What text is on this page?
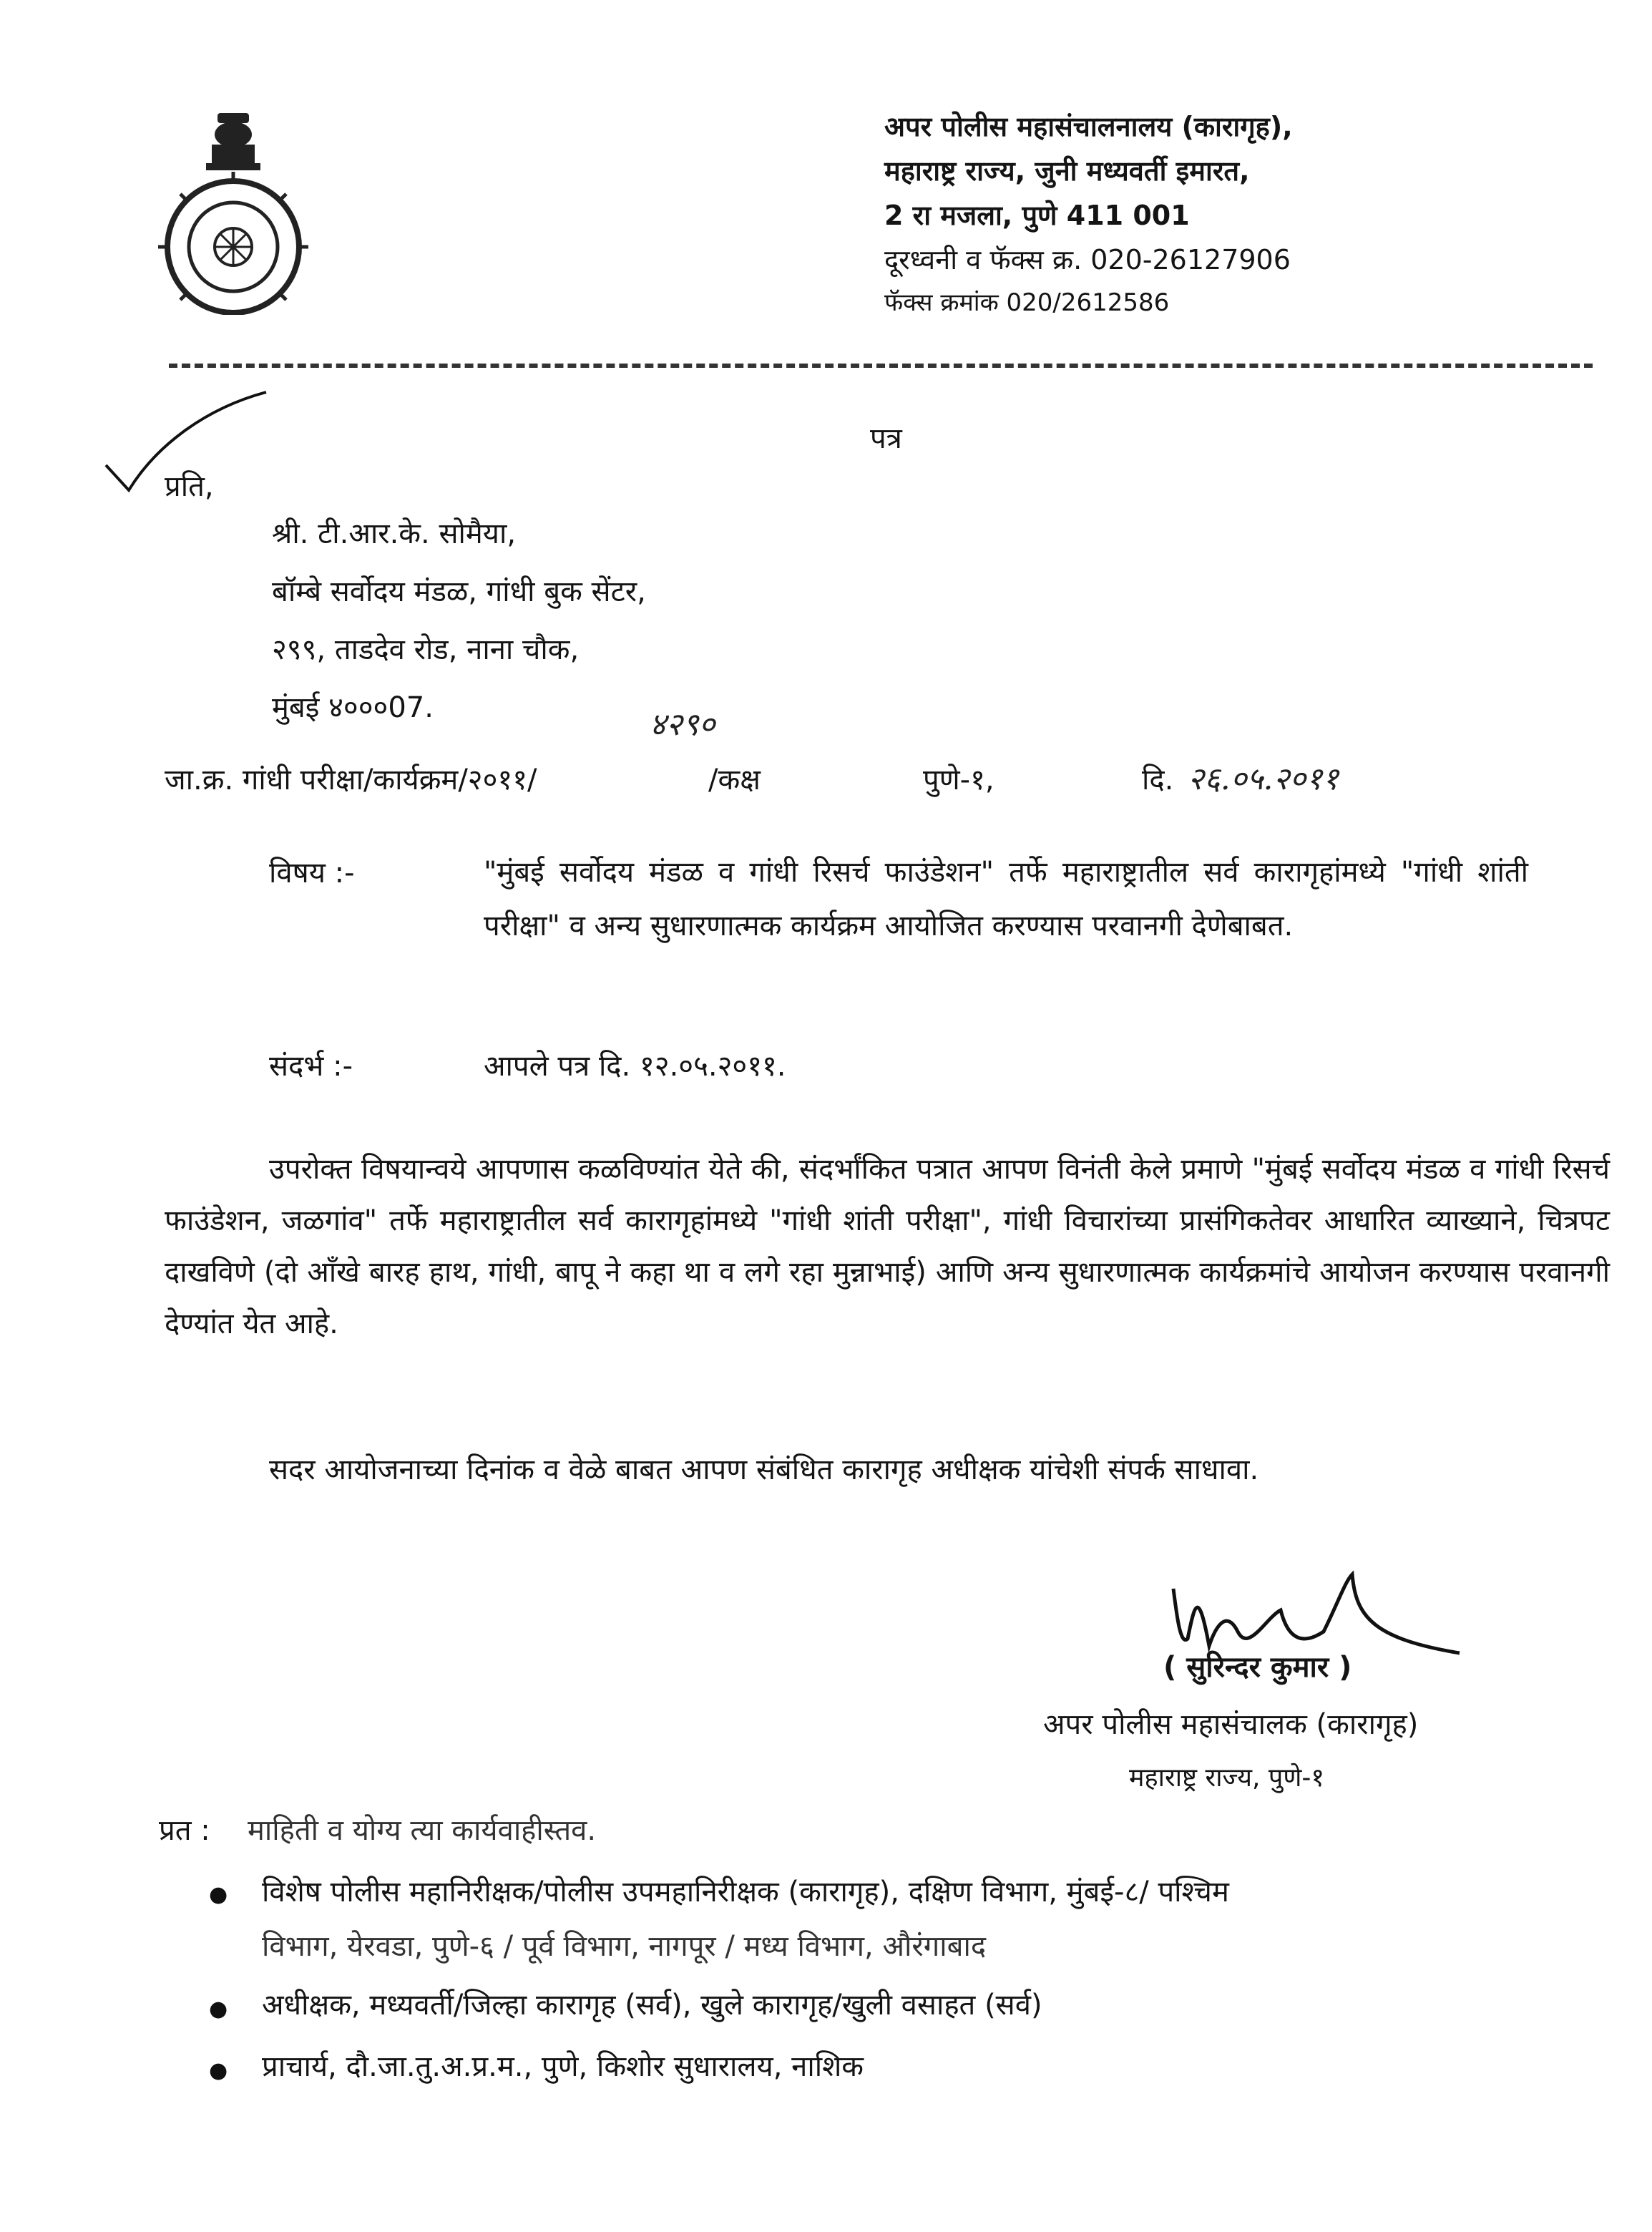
अपर पोलीस महासंचालनालय (कारागृह),
महाराष्ट्र राज्य, जुनी मध्यवर्ती इमारत,
2 रा मजला, पुणे 411 001
दूरध्वनी व फॅक्स क्र. 020-26127906
फॅक्स क्रमांक 020/2612586
पत्र
प्रति,
श्री. टी.आर.के. सोमैया,
बॉम्बे सर्वोदय मंडळ, गांधी बुक सेंटर,
२९९, ताडदेव रोड, नाना चौक,
मुंबई ४०००07.	४२९०
जा.क्र. गांधी परीक्षा/कार्यक्रम/२०११/	/कक्ष	पुणे-१,	दि. २६.०५.२०११
विषय :-	"मुंबई सर्वोदय मंडळ व गांधी रिसर्च फाउंडेशन" तर्फे महाराष्ट्रातील सर्व कारागृहांमध्ये "गांधी शांती परीक्षा" व अन्य सुधारणात्मक कार्यक्रम आयोजित करण्यास परवानगी देणेबाबत.
संदर्भ :-	आपले पत्र दि. १२.०५.२०११.
उपरोक्त विषयान्वये आपणास कळविण्यांत येते की, संदर्भांकित पत्रात आपण विनंती केले प्रमाणे "मुंबई सर्वोदय मंडळ व गांधी रिसर्च फाउंडेशन, जळगांव" तर्फे महाराष्ट्रातील सर्व कारागृहांमध्ये "गांधी शांती परीक्षा", गांधी विचारांच्या प्रासंगिकतेवर आधारित व्याख्याने, चित्रपट दाखविणे (दो आँखे बारह हाथ, गांधी, बापू ने कहा था व लगे रहा मुन्नाभाई) आणि अन्य सुधारणात्मक कार्यक्रमांचे आयोजन करण्यास परवानगी देण्यांत येत आहे.
सदर आयोजनाच्या दिनांक व वेळे बाबत आपण संबंधित कारागृह अधीक्षक यांचेशी संपर्क साधावा.
( सुरिन्दर कुमार )
अपर पोलीस महासंचालक (कारागृह)
महाराष्ट्र राज्य, पुणे-१
प्रत : माहिती व योग्य त्या कार्यवाहीस्तव.
● विशेष पोलीस महानिरीक्षक/पोलीस उपमहानिरीक्षक (कारागृह), दक्षिण विभाग, मुंबई-८/ पश्चिम
विभाग, येरवडा, पुणे-६ / पूर्व विभाग, नागपूर / मध्य विभाग, औरंगाबाद
● अधीक्षक, मध्यवर्ती/जिल्हा कारागृह (सर्व), खुले कारागृह/खुली वसाहत (सर्व)
● प्राचार्य, दौ.जा.तु.अ.प्र.म., पुणे, किशोर सुधारालय, नाशिक
